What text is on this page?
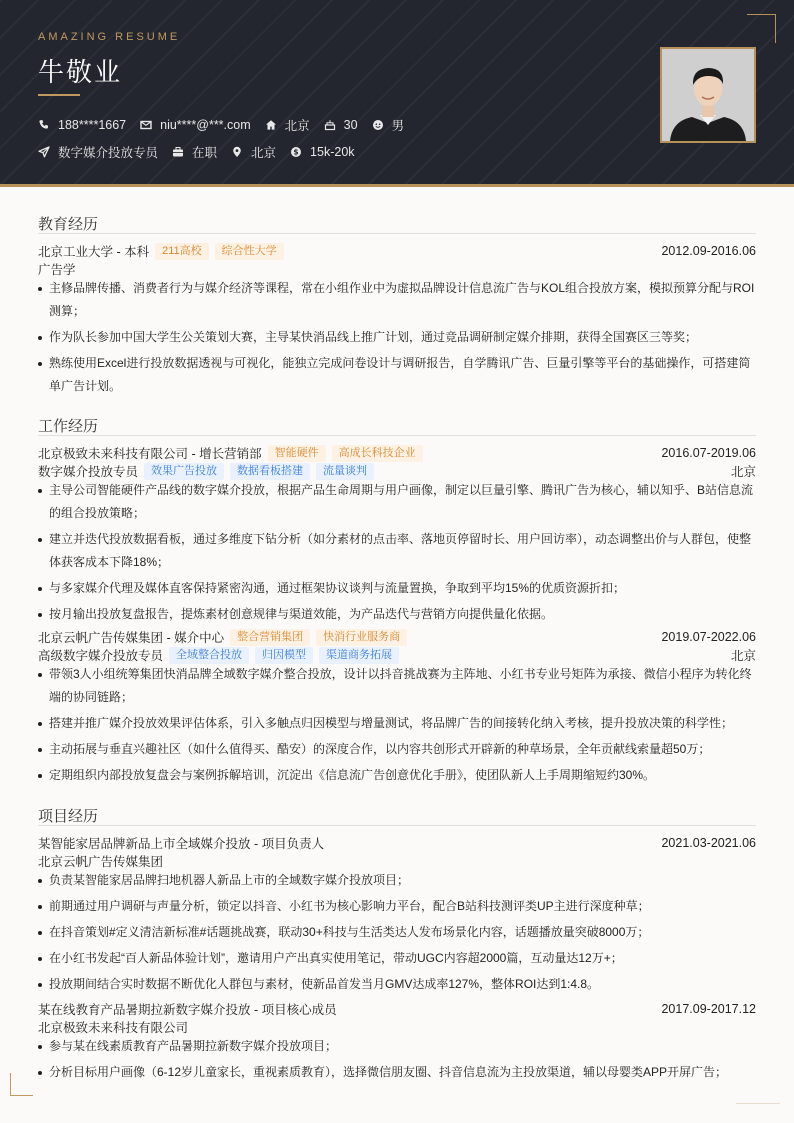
AMAZING RESUME
牛敬业
188****1667	niu****@***.com	北京	30	男
数字媒介投放专员	在职	北京 $ 15k-20k
教育经历
北京工业大学 - 本科	211高校	综合性大学	2012.09-2016.06
广告学
主修品牌传播、消费者行为与媒介经济等课程，常在小组作业中为虚拟品牌设计信息流广告与KOL组合投放方案，模拟预算分配与ROI测算；
作为队长参加中国大学生公关策划大赛，主导某快消品线上推广计划，通过竞品调研制定媒介排期，获得全国赛区三等奖；
熟练使用Excel进行投放数据透视与可视化，能独立完成问卷设计与调研报告，自学腾讯广告、巨量引擎等平台的基础操作，可搭建简单广告计划。
工作经历
北京极致未来科技有限公司 - 增长营销部	智能硬件	高成长科技企业	2016.07-2019.06
数字媒介投放专员	效果广告投放	数据看板搭建	流量谈判	北京
主导公司智能硬件产品线的数字媒介投放，根据产品生命周期与用户画像，制定以巨量引擎、腾讯广告为核心，辅以知乎、B站信息流的组合投放策略；
建立并迭代投放数据看板，通过多维度下钻分析（如分素材的点击率、落地页停留时长、用户回访率），动态调整出价与人群包，使整体获客成本下降18%；
与多家媒介代理及媒体直客保持紧密沟通，通过框架协议谈判与流量置换，争取到平均15%的优质资源折扣；
按月输出投放复盘报告，提炼素材创意规律与渠道效能，为产品迭代与营销方向提供量化依据。
北京云帆广告传媒集团 - 媒介中心	整合营销集团	快消行业服务商	2019.07-2022.06
高级数字媒介投放专员	全域整合投放	归因模型	渠道商务拓展	北京
带领3人小组统筹集团快消品牌全域数字媒介整合投放，设计以抖音挑战赛为主阵地、小红书专业号矩阵为承接、微信小程序为转化终端的协同链路；
搭建并推广媒介投放效果评估体系，引入多触点归因模型与增量测试，将品牌广告的间接转化纳入考核，提升投放决策的科学性；
主动拓展与垂直兴趣社区（如什么值得买、酷安）的深度合作，以内容共创形式开辟新的种草场景，全年贡献线索量超50万；
定期组织内部投放复盘会与案例拆解培训，沉淀出《信息流广告创意优化手册》，使团队新人上手周期缩短约30%。
项目经历
某智能家居品牌新品上市全域媒介投放 - 项目负责人	2021.03-2021.06
北京云帆广告传媒集团
负责某智能家居品牌扫地机器人新品上市的全域数字媒介投放项目；
前期通过用户调研与声量分析，锁定以抖音、小红书为核心影响力平台，配合B站科技测评类UP主进行深度种草；
在抖音策划#定义清洁新标准#话题挑战赛，联动30+科技与生活类达人发布场景化内容，话题播放量突破8000万；
在小红书发起“百人新品体验计划”，邀请用户产出真实使用笔记，带动UGC内容超2000篇，互动量达12万+；
投放期间结合实时数据不断优化人群包与素材，使新品首发当月GMV达成率127%，整体ROI达到1:4.8。
某在线教育产品暑期拉新数字媒介投放 - 项目核心成员	2017.09-2017.12
北京极致未来科技有限公司
参与某在线素质教育产品暑期拉新数字媒介投放项目；
分析目标用户画像（6-12岁儿童家长，重视素质教育），选择微信朋友圈、抖音信息流为主投放渠道，辅以母婴类APP开屏广告；
